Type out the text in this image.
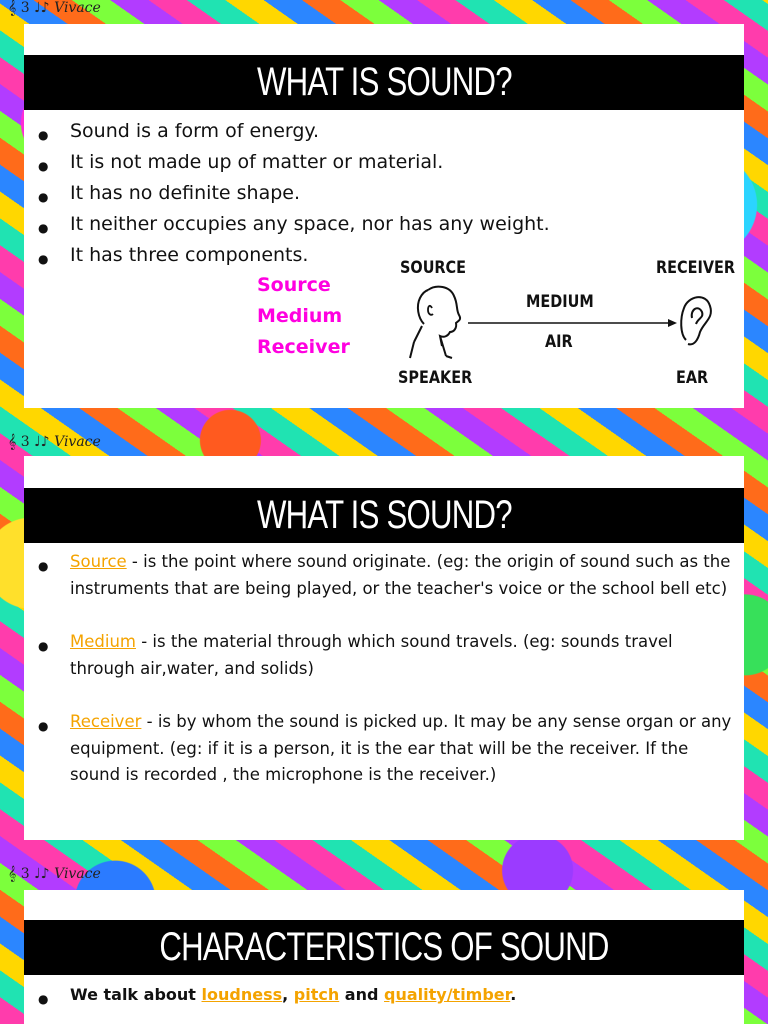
𝄞 3 ♩♪ Vivace
𝄞 3 ♩♪ Vivace
𝄞 3 ♩♪ Vivace
WHAT IS SOUND?
● Sound is a form of energy.
● It is not made up of matter or material.
● It has no definite shape.
● It neither occupies any space, nor has any weight.
● It has three components.
Source
Medium
Receiver
SOURCE	RECEIVER
MEDIUM
AIR
SPEAKER	EAR
WHAT IS SOUND?
● Source - is the point where sound originate. (eg: the origin of sound such as the instruments that are being played, or the teacher's voice or the school bell etc)
● Medium - is the material through which sound travels. (eg: sounds travel through air,water, and solids)
● Receiver - is by whom the sound is picked up. It may be any sense organ or any equipment. (eg: if it is a person, it is the ear that will be the receiver. If the sound is recorded , the microphone is the receiver.)
CHARACTERISTICS OF SOUND
● We talk about loudness, pitch and quality/timber.
